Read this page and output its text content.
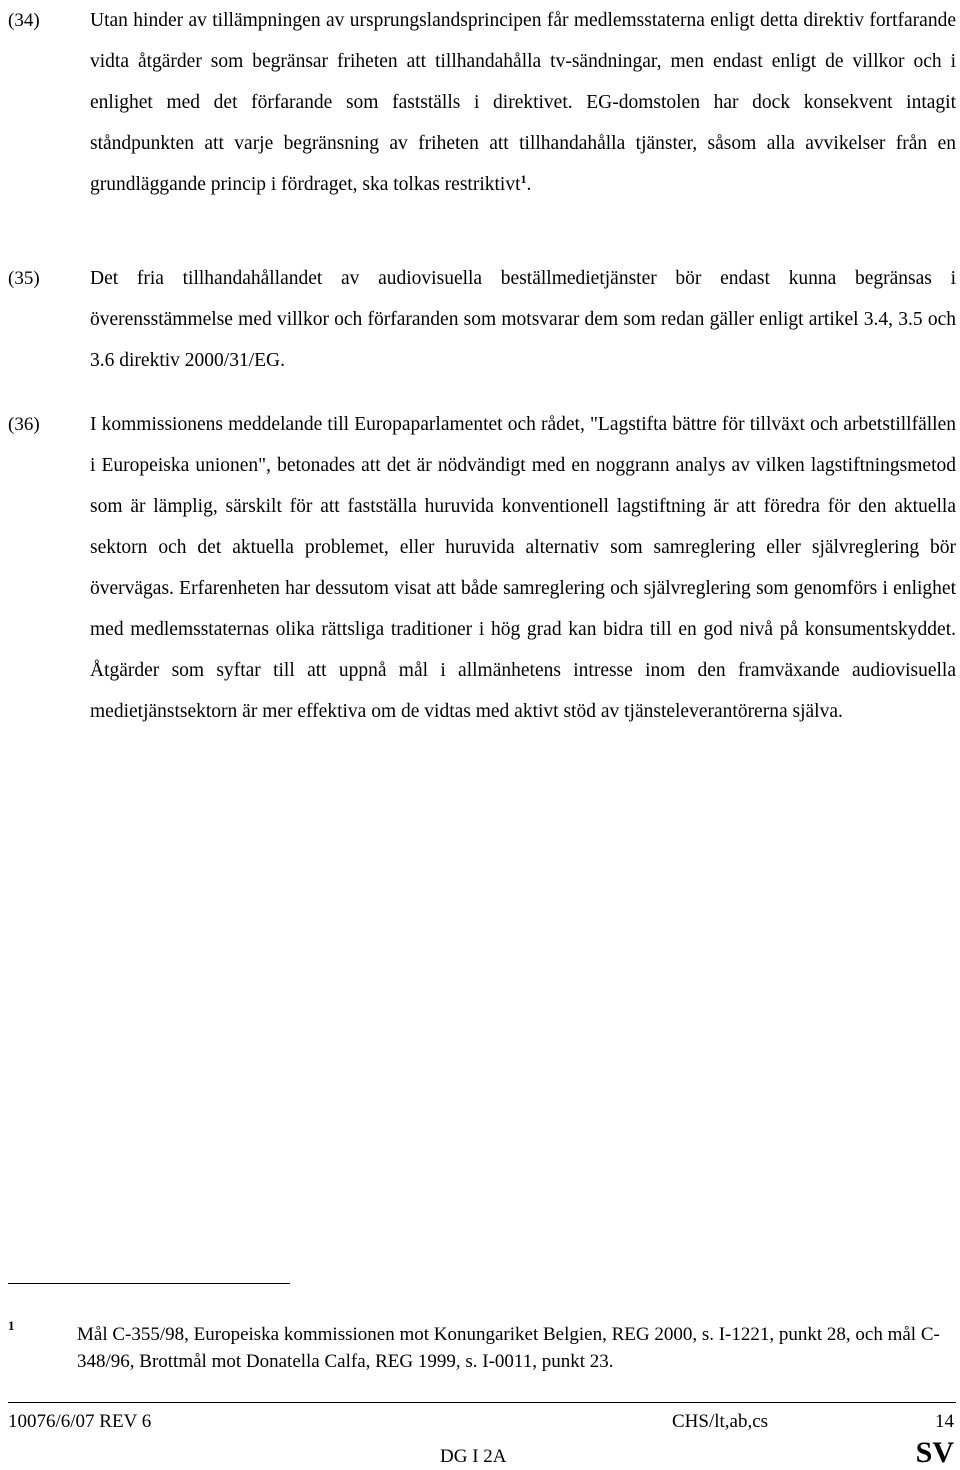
(34)	Utan hinder av tillämpningen av ursprungslandsprincipen får medlemsstaterna enligt detta direktiv fortfarande vidta åtgärder som begränsar friheten att tillhandahålla tv-sändningar, men endast enligt de villkor och i enlighet med det förfarande som fastställs i direktivet. EG-domstolen har dock konsekvent intagit ståndpunkten att varje begränsning av friheten att tillhandahålla tjänster, såsom alla avvikelser från en grundläggande princip i fördraget, ska tolkas restriktivt$^1$.
(35)	Det fria tillhandahållandet av audiovisuella beställmedietjänster bör endast kunna begränsas i överensstämmelse med villkor och förfaranden som motsvarar dem som redan gäller enligt artikel 3.4, 3.5 och 3.6 direktiv 2000/31/EG.
(36)	I kommissionens meddelande till Europaparlamentet och rådet, "Lagstifta bättre för tillväxt och arbetstillfällen i Europeiska unionen", betonades att det är nödvändigt med en noggrann analys av vilken lagstiftningsmetod som är lämplig, särskilt för att fastställa huruvida konventionell lagstiftning är att föredra för den aktuella sektorn och det aktuella problemet, eller huruvida alternativ som samreglering eller självreglering bör övervägas. Erfarenheten har dessutom visat att både samreglering och självreglering som genomförs i enlighet med medlemsstaternas olika rättsliga traditioner i hög grad kan bidra till en god nivå på konsumentskyddet. Åtgärder som syftar till att uppnå mål i allmänhetens intresse inom den framväxande audiovisuella medietjänstsektorn är mer effektiva om de vidtas med aktivt stöd av tjänsteleverantörerna själva.
1	Mål C-355/98, Europeiska kommissionen mot Konungariket Belgien, REG 2000, s. I-1221, punkt 28, och mål C-348/96, Brottmål mot Donatella Calfa, REG 1999, s. I-0011, punkt 23.
10076/6/07 REV 6	CHS/lt,ab,cs	14
DG I 2A	SV
